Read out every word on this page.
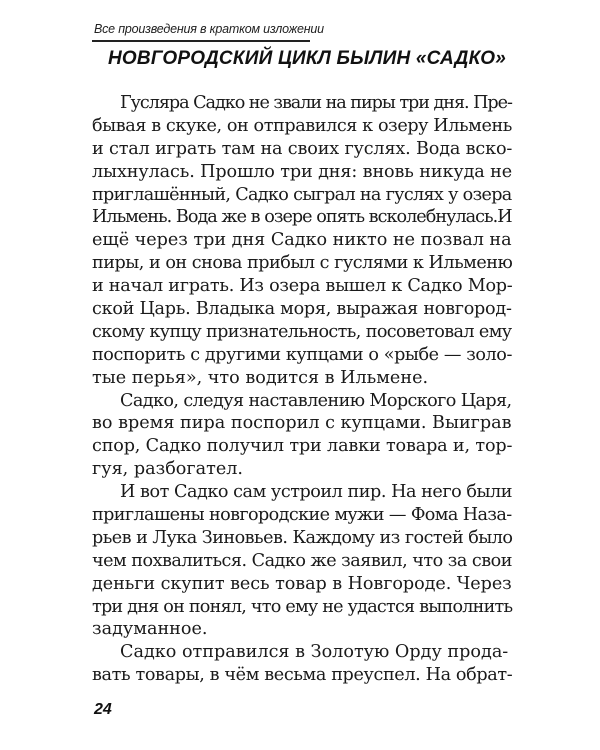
Все произведения в кратком изложении
НОВГОРОДСКИЙ ЦИКЛ БЫЛИН «САДКО»
Гусляра Садко не звали на пиры три дня. Пре-
бывая в скуке, он отправился к озеру Ильмень
и стал играть там на своих гуслях. Вода вско-
лыхнулась. Прошло три дня: вновь никуда не
приглашённый, Садко сыграл на гуслях у озера
Ильмень. Вода же в озере опять всколебнулась.И
ещё через три дня Садко никто не позвал на
пиры, и он снова прибыл с гуслями к Ильменю
и начал играть. Из озера вышел к Садко Мор-
ской Царь. Владыка моря, выражая новгород-
скому купцу признательность, посоветовал ему
поспорить с другими купцами о «рыбе — золо-
тые перья», что водится в Ильмене.
Садко, следуя наставлению Морского Царя,
во время пира поспорил с купцами. Выиграв
спор, Садко получил три лавки товара и, тор-
гуя, разбогател.
И вот Садко сам устроил пир. На него были
приглашены новгородские мужи — Фома Наза-
рьев и Лука Зиновьев. Каждому из гостей было
чем похвалиться. Садко же заявил, что за свои
деньги скупит весь товар в Новгороде. Через
три дня он понял, что ему не удастся выполнить
задуманное.
Садко отправился в Золотую Орду прода-
вать товары, в чём весьма преуспел. На обрат-
24
